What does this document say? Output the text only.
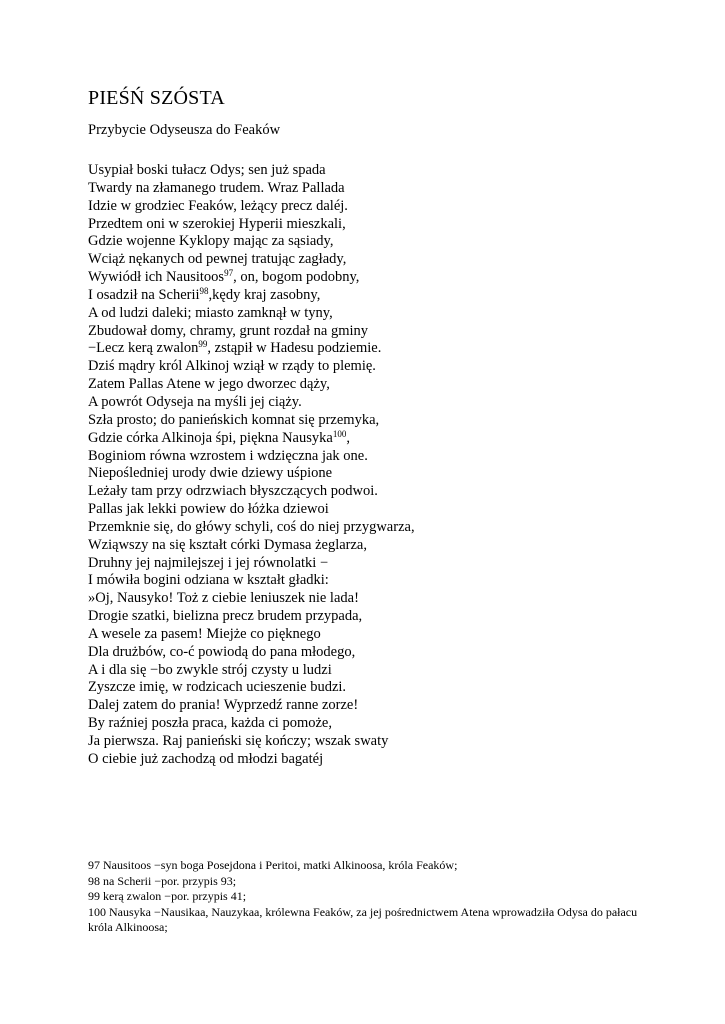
PIEŚŃ SZÓSTA
Przybycie Odyseusza do Feaków
Usypiał boski tułacz Odys; sen już spada
Twardy na złamanego trudem. Wraz Pallada
Idzie w grodziec Feaków, leżący precz daléj.
Przedtem oni w szerokiej Hyperii mieszkali,
Gdzie wojenne Kyklopy mając za sąsiady,
Wciąż nękanych od pewnej tratując zagłady,
Wywiódł ich Nausitoos$^{97}$, on, bogom podobny,
I osadził na Scherii$^{98}$,kędy kraj zasobny,
A od ludzi daleki; miasto zamknął w tyny,
Zbudował domy, chramy, grunt rozdał na gminy
−Lecz kerą zwalon$^{99}$, zstąpił w Hadesu podziemie.
Dziś mądry król Alkinoj wziął w rządy to plemię.
Zatem Pallas Atene w jego dworzec dąży,
A powrót Odyseja na myśli jej ciąży.
Szła prosto; do panieńskich komnat się przemyka,
Gdzie córka Alkinoja śpi, piękna Nausyka$^{100}$,
Boginiom równa wzrostem i wdzięczna jak one.
Niepośledniej urody dwie dziewy uśpione
Leżały tam przy odrzwiach błyszczących podwoi.
Pallas jak lekki powiew do łóżka dziewoi
Przemknie się, do główy schyli, coś do niej przygwarza,
Wziąwszy na się kształt córki Dymasa żeglarza,
Druhny jej najmilejszej i jej równolatki −
I mówiła bogini odziana w kształt gładki:
»Oj, Nausyko! Toż z ciebie leniuszek nie lada!
Drogie szatki, bielizna precz brudem przypada,
A wesele za pasem! Miejże co pięknego
Dla drużbów, co-ć powiodą do pana młodego,
A i dla się −bo zwykle strój czysty u ludzi
Zyszcze imię, w rodzicach ucieszenie budzi.
Dalej zatem do prania! Wyprzedź ranne zorze!
By raźniej poszła praca, każda ci pomoże,
Ja pierwsza. Raj panieński się kończy; wszak swaty
O ciebie już zachodzą od młodzi bagatéj
97 Nausitoos −syn boga Posejdona i Peritoi, matki Alkinoosa, króla Feaków;
98 na Scherii −por. przypis 93;
99 kerą zwalon −por. przypis 41;
100 Nausyka −Nausikaa, Nauzykaa, królewna Feaków, za jej pośrednictwem Atena wprowadziła Odysa do pałacu króla Alkinoosa;
